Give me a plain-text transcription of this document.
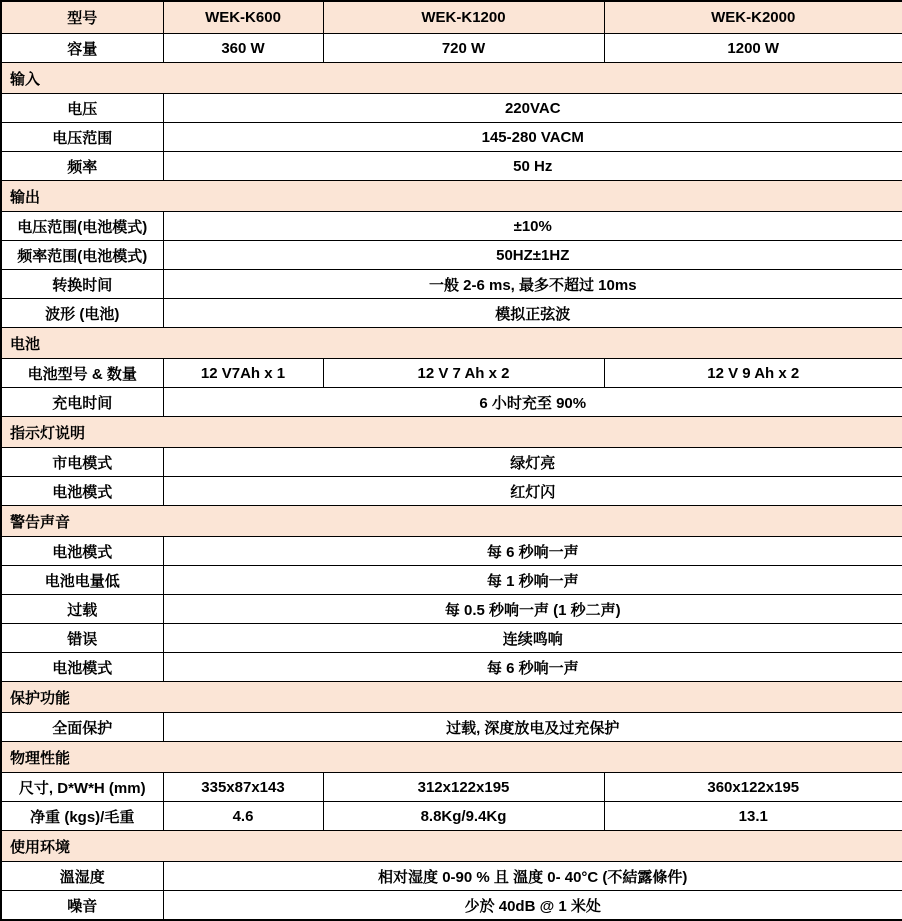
型号	WEK-K600	WEK-K1200	WEK-K2000
容量	360 W	720 W	1200 W
输入			
电压	220VAC		
电压范围	145-280 VACM		
频率	50 Hz		
输出			
电压范围(电池模式)	±10%		
频率范围(电池模式)	50HZ±1HZ		
转换时间	一般 2-6 ms, 最多不超过 10ms		
波形 (电池)	模拟正弦波		
电池			
电池型号 & 数量	12 V7Ah x 1	12 V 7 Ah x 2	12 V 9 Ah x 2
充电时间	6 小时充至 90%		
指示灯说明			
市电模式	绿灯亮		
电池模式	红灯闪		
警告声音			
电池模式	每 6 秒响一声		
电池电量低	每 1 秒响一声		
过载	每 0.5 秒响一声 (1 秒二声)		
错误	连续鸣响		
电池模式	每 6 秒响一声		
保护功能			
全面保护	过载, 深度放电及过充保护		
物理性能			
尺寸, D*W*H (mm)	335x87x143	312x122x195	360x122x195
净重 (kgs)/毛重	4.6	8.8Kg/9.4Kg	13.1
使用环境			
溫湿度	相对湿度 0-90 % 且 溫度 0- 40°C (不結露條件)		
噪音	少於 40dB @ 1 米处		
